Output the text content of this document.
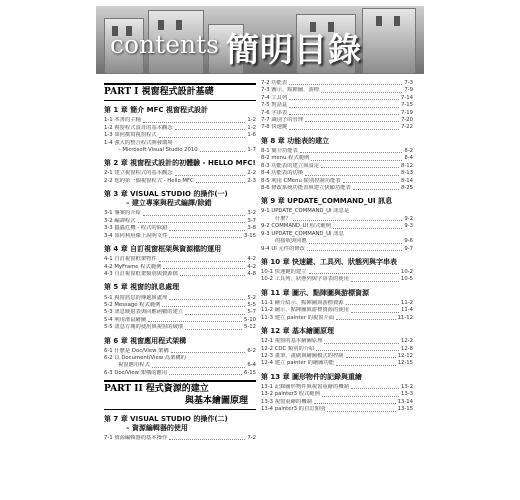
contents 簡明目錄
PART I 視窗程式設計基礎
第 1 章 簡介 MFC 視窗程式設計
1-1 本書的主軸	1-2
1-2 視窗程式設計的基本觀念	1-2
1-3 如何撰寫視窗程式	1-6
1-4 強大的整合程式開發環境
– Microsoft Visual Studio 2010	1-7
第 2 章 視窗程式設計的初體驗 - HELLO MFC!
2-1 建立視窗程式的基本觀念	2-2
2-2 您的第一個視窗程式 - Hello MFC	2-3
第 3 章 VISUAL STUDIO 的操作(一)
– 建立專案與程式編譯/除錯
3-1 專案的介紹	3-2
3-2 編譯程式	3-7
3-3 蟲蟲危機 - 程式的除錯	3-8
3-4 如何利用線上說明文件	3-15
第 4 章 自訂視窗框架與資源檔的運用
4-1 自訂視窗框架物件	4-2
4-2 MyFrame 程式範例	4-2
4-3 自訂視窗框架類別與資源檔	4-8
第 5 章 視窗的訊息處理
5-1 視窗訊息的傳遞與處理	5-2
5-2 Message 程式範例	5-5
5-3 訊息映射表與回應函數的建立	5-7
5-4 利用滑鼠繪圖	5-10
5-5 訊息方塊的使用與視窗的破壞	5-12
第 6 章 視窗應用程式架構
6-1 什麼是 Doc/View 架構	6-2
6-2 以 Document/View 為架構的
視窗應用程式	6-4
6-3 Doc/View 架構的應用	6-15
PART II 程式資源的建立
與基本繪圖原理
第 7 章 VISUAL STUDIO 的操作(二)
– 資源編輯器的使用
7-1 資源編輯器的基本操作	7-2
7-2 功能表	7-3
7-3 圖示、點陣圖、游標	7-9
7-4 工具列	7-14
7-5 對話盒	7-15
7-6 字串表	7-19
7-7 識別子的管理	7-20
7-8 快速鍵	7-22
第 8 章 功能表的建立
8-1 簡介功能表	8-2
8-2 menu 程式範例	8-4
8-3 功能表的建立與設定	8-12
8-4 功能表的切換	8-13
8-5 利用 CMenu 類別控制功能表	8-14
8-6 修改系統功能表與建立快顯功能表	8-25
第 9 章 UPDATE_COMMAND_UI 訊息
9-1 UPDATE_COMMAND_UI 訊息是
什麼？	9-2
9-2 COMMAND_UI 程式範例	9-3
9-3 UPDATE_COMMAND_UI 訊息
的接收與回應	9-6
9-4 UI 元件的修改	9-7
第 10 章 快速鍵、工具列、狀態列與字串表
10-1 快速鍵的建立	10-2
10-2 工具列、狀態列與字串表的使用	10-5
第 11 章 圖示、點陣圖與游標資源
11-1 繪介紹示、點陣圖與游標資源	11-2
11-2 圖示、點陣圖與游標資源的使用	11-4
11-3 建立 painter 的視窗介面	11-12
第 12 章 基本繪圖原理
12-1 視窗的基本繪圖原理	12-2
12-2 CDC 類別的介紹	12-8
12-3 畫筆、畫刷與繪圖模式的控制	12-12
12-4 建立 painter 的繪圖功能	12-15
第 13 章 圖形物件的記錄與重繪
13-1 記錄圖形物件與視窗重繪的機制	13-2
13-2 painter3 程式範例	13-3
13-3 視窗重繪的機制	13-14
13-4 painter3 的自訂類別	13-15
